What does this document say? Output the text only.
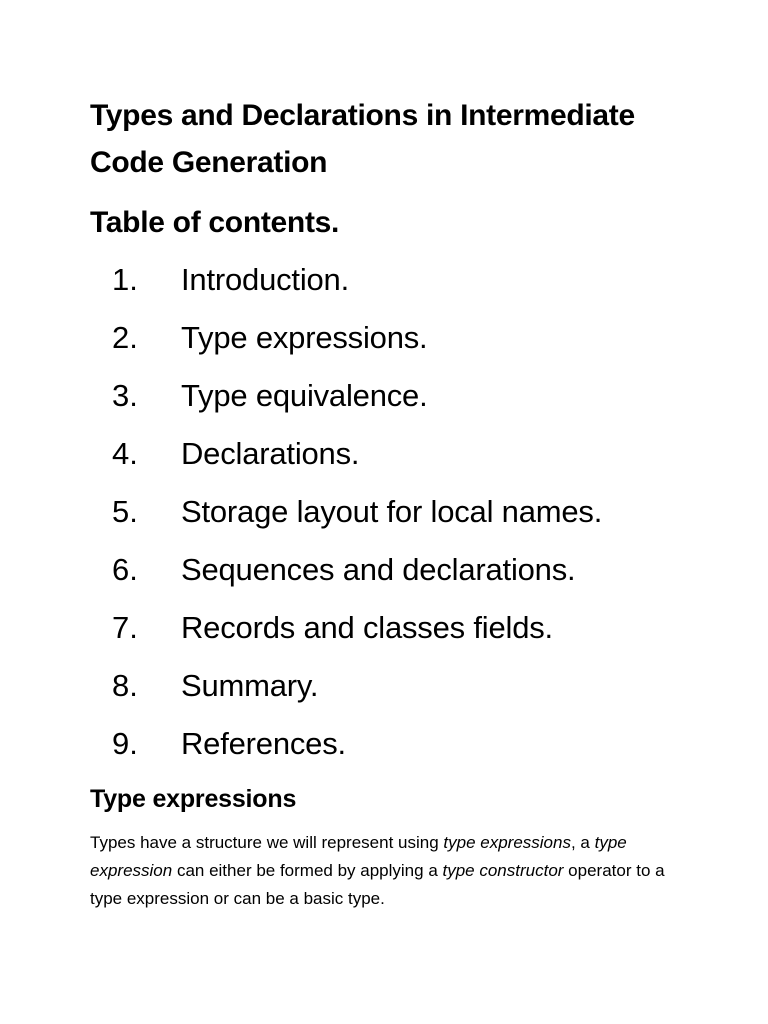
Types and Declarations in Intermediate Code Generation
Table of contents.
1. Introduction.
2. Type expressions.
3. Type equivalence.
4. Declarations.
5. Storage layout for local names.
6. Sequences and declarations.
7. Records and classes fields.
8. Summary.
9. References.
Type expressions

Types have a structure we will represent using type expressions, a type expression can either be formed by applying a type constructor operator to a type expression or can be a basic type.
